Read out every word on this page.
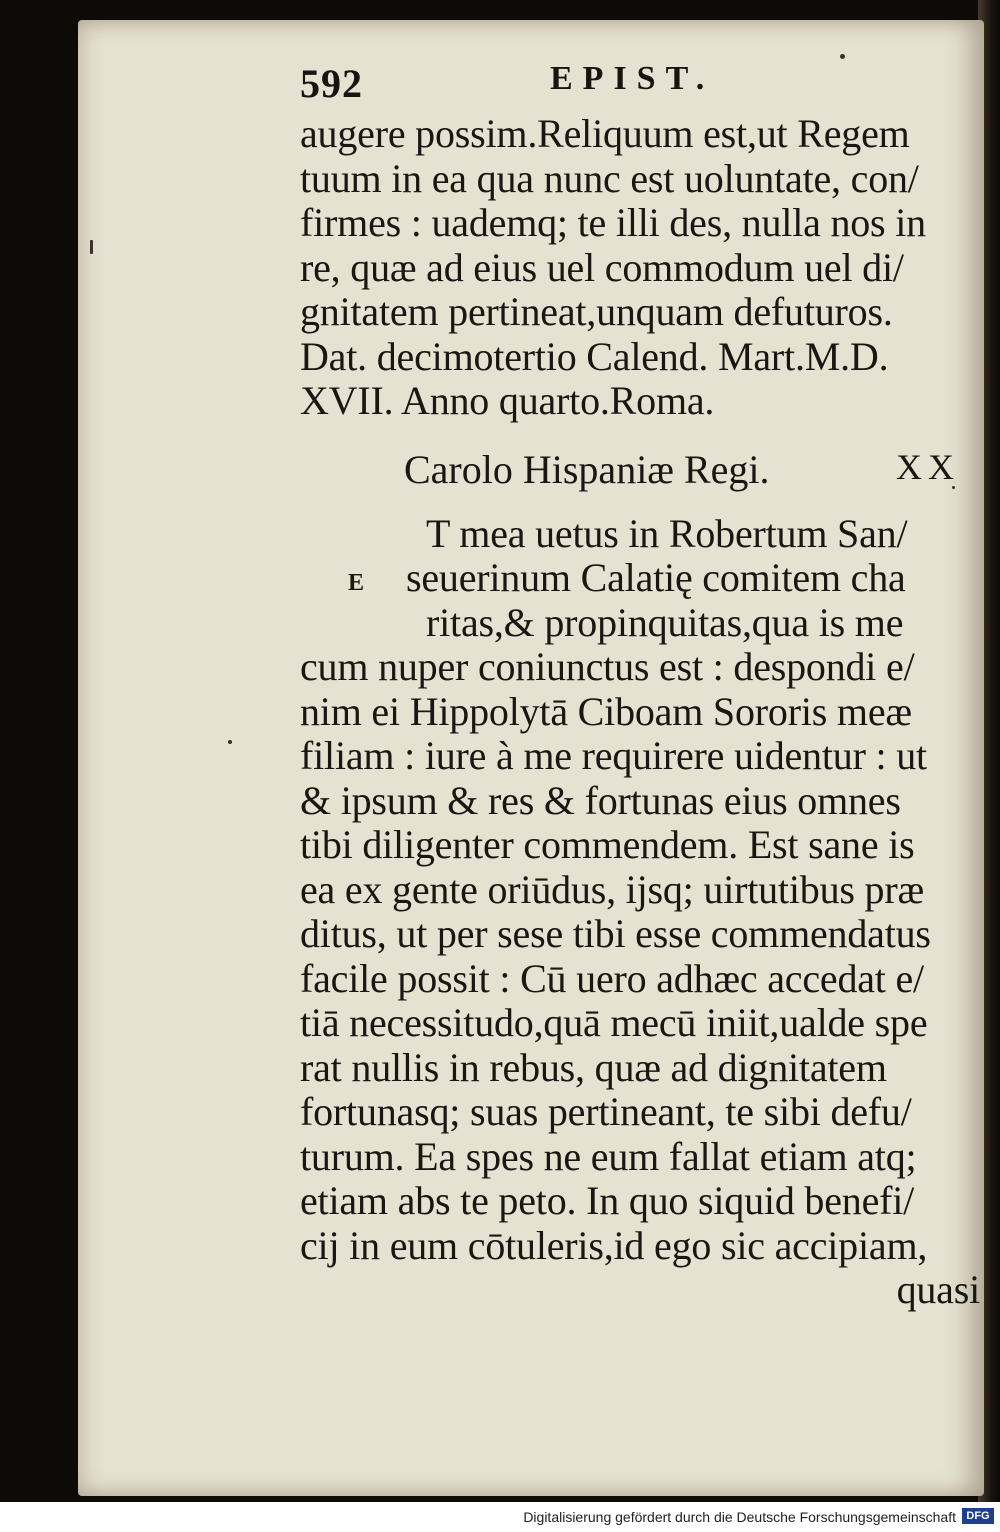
592	EPIST.
augere possim.Reliquum est,ut Regem
tuum in ea qua nunc est uoluntate, con/
firmes : uademq; te illi des, nulla nos in
re, quæ ad eius uel commodum uel di/
gnitatem pertineat,unquam defuturos.
Dat. decimotertio Calend. Mart.M.D.
XVII. Anno quarto.Roma.
Carolo Hispaniæ Regi.	XX
E
T mea uetus in Robertum San/
seuerinum Calatię comitem cha
ritas,& propinquitas,qua is me
cum nuper coniunctus est : despondi e/
nim ei Hippolytā Ciboam Sororis meæ
filiam : iure à me requirere uidentur : ut
& ipsum & res & fortunas eius omnes
tibi diligenter commendem. Est sane is
ea ex gente oriūdus, ijsq; uirtutibus præ
ditus, ut per sese tibi esse commendatus
facile possit : Cū uero adhæc accedat e/
tiā necessitudo,quā mecū iniit,ualde spe
rat nullis in rebus, quæ ad dignitatem
fortunasq; suas pertineant, te sibi defu/
turum. Ea spes ne eum fallat etiam atq;
etiam abs te peto. In quo siquid benefi/
cij in eum cōtuleris,id ego sic accipiam,
quasi
Digitalisierung gefördert durch die Deutsche Forschungsgemeinschaft DFG
